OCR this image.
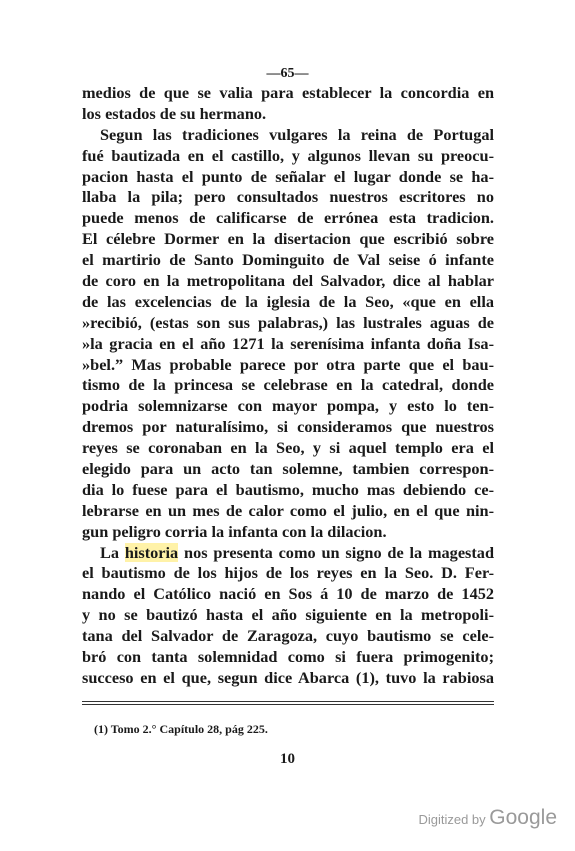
—65—
medios de que se valia para establecer la concordia en
los estados de su hermano.
Segun las tradiciones vulgares la reina de Portugal
fué bautizada en el castillo, y algunos llevan su preocu-
pacion hasta el punto de señalar el lugar donde se ha-
llaba la pila; pero consultados nuestros escritores no
puede menos de calificarse de errónea esta tradicion.
El célebre Dormer en la disertacion que escribió sobre
el martirio de Santo Dominguito de Val seise ó infante
de coro en la metropolitana del Salvador, dice al hablar
de las excelencias de la iglesia de la Seo, «que en ella
»recibió, (estas son sus palabras,) las lustrales aguas de
»la gracia en el año 1271 la serenísima infanta doña Isa-
»bel.” Mas probable parece por otra parte que el bau-
tismo de la princesa se celebrase en la catedral, donde
podria solemnizarse con mayor pompa, y esto lo ten-
dremos por naturalísimo, si consideramos que nuestros
reyes se coronaban en la Seo, y si aquel templo era el
elegido para un acto tan solemne, tambien correspon-
dia lo fuese para el bautismo, mucho mas debiendo ce-
lebrarse en un mes de calor como el julio, en el que nin-
gun peligro corria la infanta con la dilacion.
La historia nos presenta como un signo de la magestad
el bautismo de los hijos de los reyes en la Seo. D. Fer-
nando el Católico nació en Sos á 10 de marzo de 1452
y no se bautizó hasta el año siguiente en la metropoli-
tana del Salvador de Zaragoza, cuyo bautismo se cele-
bró con tanta solemnidad como si fuera primogenito;
succeso en el que, segun dice Abarca (1), tuvo la rabiosa
(1) Tomo 2.° Capítulo 28, pág 225.
10
Digitized by Google
